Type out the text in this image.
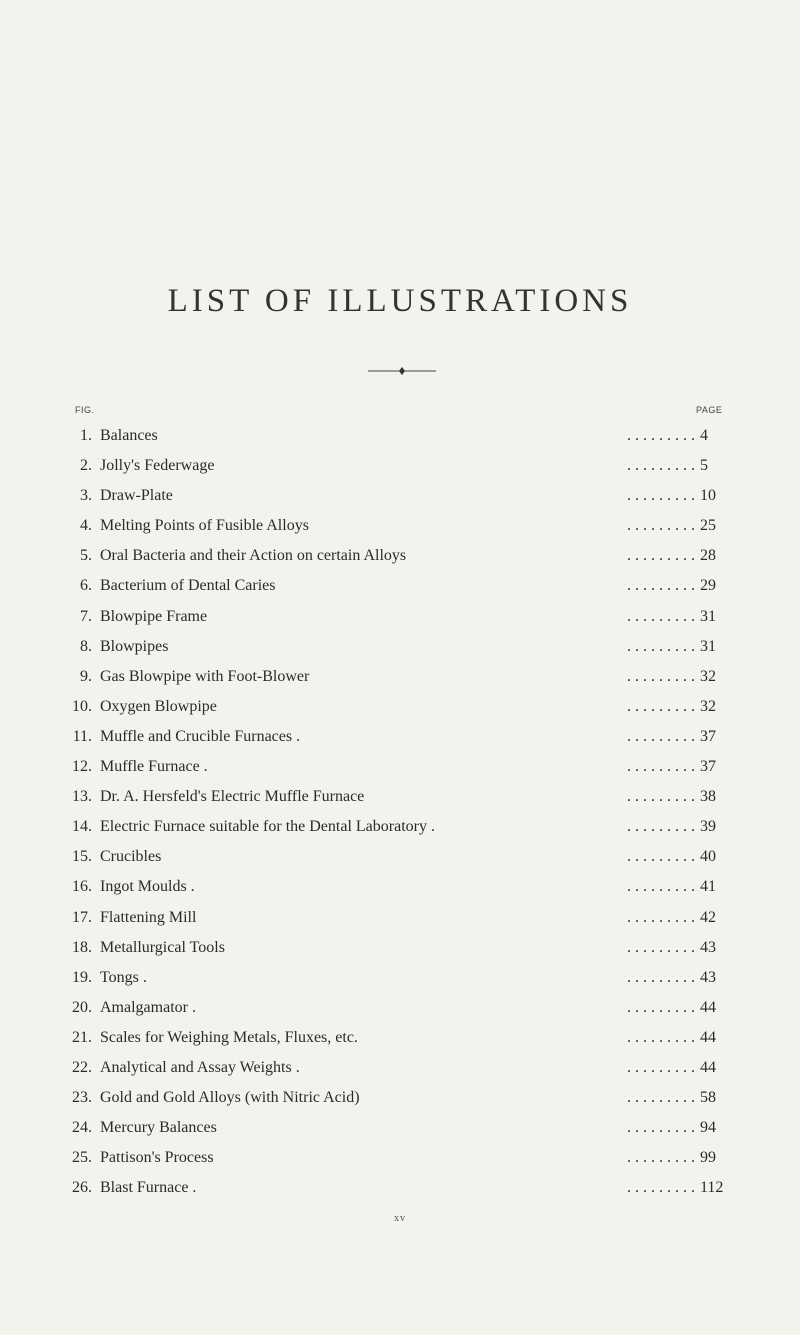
LIST OF ILLUSTRATIONS
FIG.	PAGE
. . . . . . . . .
1. Balances	4
. . . . . . . . .
2. Jolly's Federwage	5
. . . . . . . . .
3. Draw-Plate	10
. . . . . . . . .
4. Melting Points of Fusible Alloys	25
. . . . . . . . .
5. Oral Bacteria and their Action on certain Alloys	28
. . . . . . . . .
6. Bacterium of Dental Caries	29
. . . . . . . . .
7. Blowpipe Frame	31
. . . . . . . . .
8. Blowpipes	31
. . . . . . . . .
9. Gas Blowpipe with Foot-Blower	32
. . . . . . . . .
10. Oxygen Blowpipe	32
. . . . . . . . .
11. Muffle and Crucible Furnaces .	37
. . . . . . . . .
12. Muffle Furnace .	37
. . . . . . . . .
13. Dr. A. Hersfeld's Electric Muffle Furnace	38
. . . . . . . . .
14. Electric Furnace suitable for the Dental Laboratory .	39
. . . . . . . . .
15. Crucibles	40
. . . . . . . . .
16. Ingot Moulds .	41
. . . . . . . . .
17. Flattening Mill	42
. . . . . . . . .
18. Metallurgical Tools	43
. . . . . . . . .
19. Tongs .	43
. . . . . . . . .
20. Amalgamator .	44
. . . . . . . . .
21. Scales for Weighing Metals, Fluxes, etc.	44
. . . . . . . . .
22. Analytical and Assay Weights .	44
. . . . . . . . .
23. Gold and Gold Alloys (with Nitric Acid)	58
. . . . . . . . .
24. Mercury Balances	94
. . . . . . . . .
25. Pattison's Process	99
. . . . . . . . .
26. Blast Furnace .	112
xv
